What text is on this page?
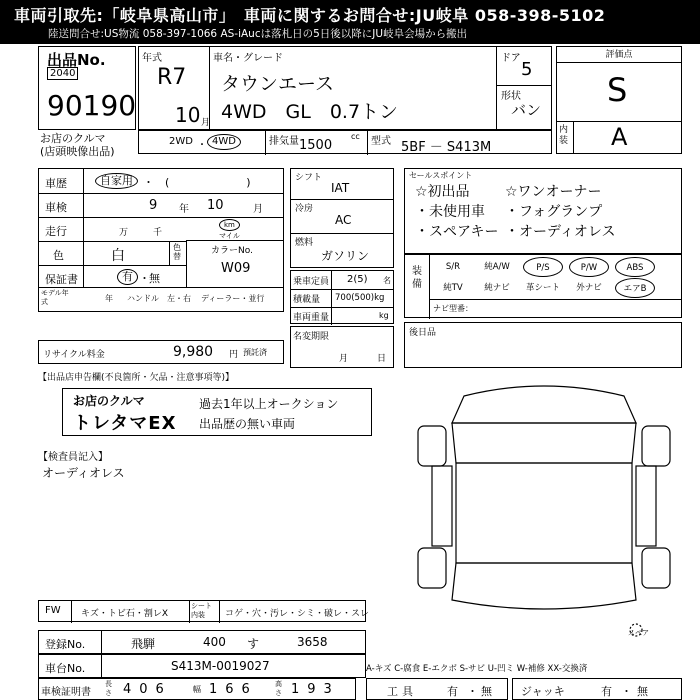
車両引取先:「岐阜県高山市」　車両に関するお問合せ:JU岐阜 058-398-5102
陸送問合せ:US物流 058-397-1066 AS-iAucは落札日の5日後以降にJU岐阜会場から搬出
出品No.
2040
90190
お店のクルマ
(店頭映像出品)
年式
R7
10 月
車名・グレード
タウンエース
4WD　GL　0.7トン
ドア
5
形状
バン
2WD ・ 4WD	排気量 1500
cc 型式 5BF － S413M
評価点
S
内装 A
車歴	自家用 ・　(　　　　　　　)
車検	9 年 10	月
走行	万	千
km
マイル
色	白
色替
保証書	有 ・ 無
モデル年式	年 ハンドル　左・右 ディーラー・並行
カラーNo.
W09
シフト
IAT
冷房
AC
燃料
ガソリン
乗車定員 2(5) 名
積載量 700(500)kg
車両重量	kg
名変期限
月	日
セールスポイント
☆初出品	☆ワンオーナー
・未使用車 ・フォグランプ
・スペアキー ・オーディオレス
装備
S/R	純A/W	P/S	P/W	ABS
純TV	純ナビ	革シート	外ナビ	エアB
ナビ型番：
後日品
リサイクル料金	9,980 円 預託済
【出品店申告欄(不良箇所・欠品・注意事項等)】
お店のクルマ
トレタマEX
過去1年以上オークション
出品歴の無い車両
【検査員記入】
オーディオレス
スペア
FW キズ・トビ石・割レX
シート内装	コゲ・穴・汚レ・シミ・破レ・スレ
登録No.	飛騨	400 す	3658
車台No.	S413M-0019027
車検証明書
長さ 406	幅 166 高さ 193
A-キズ C-腐食 E-エクボ S-サビ U-凹ミ W-補修 XX-交換済
工具	有 ・ 無	ジャッキ	有 ・ 無
